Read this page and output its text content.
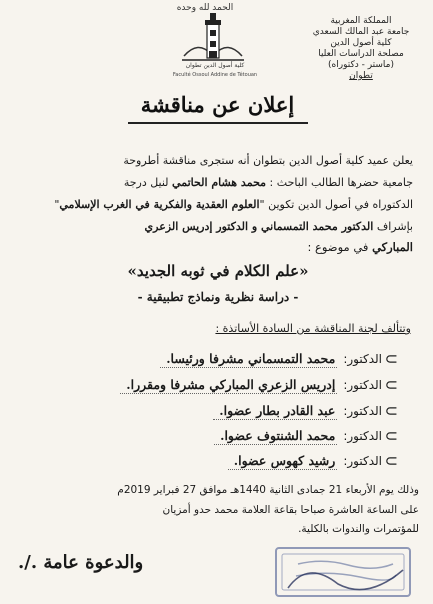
الحمد لله وحده
المملكة المغربية
جامعة عبد المالك السعدي
كلية أصول الدين
مصلحة الدراسات العليا
(ماستر - دكتوراه)
تطوان
كلية أصول الدين تطوان
Faculté Ossoul Addine de Tétouan
إعلان عن مناقشة
يعلن عميد كلية أصول الدين بتطوان أنه ستجرى مناقشة أطروحة
جامعية حضرها الطالب الباحث : محمد هشام الحاتمي لنيل درجة
الدكتوراه في أصول الدين تكوين "العلوم العقدية والفكرية في الغرب الإسلامي"
بإشراف الدكتور محمد التمسماني و الدكتور إدريس الزعري
المباركي في موضوع :
«علم الكلام في ثوبه الجديد»
- دراسة نظرية ونماذج تطبيقية -
وتتألف لجنة المناقشة من السادة الأساتذة :
⊃
الدكتور :
محمد التمسماني مشرفا ورئيسا.
⊃
الدكتور :
إدريس الزعري المباركي مشرفا ومقررا.
⊃
الدكتور :
عبد القادر بطار عضوا.
⊃
الدكتور :
محمد الشنتوف عضوا.
⊃
الدكتور :
رشيد كهوس عضوا.
وذلك يوم الأربعاء 21 جمادى الثانية 1440هـ موافق 27 فبراير 2019م
على الساعة العاشرة صباحا بقاعة العلامة محمد حدو أمزيان
للمؤتمرات والندوات بالكلية.
والدعوة عامة ./.
